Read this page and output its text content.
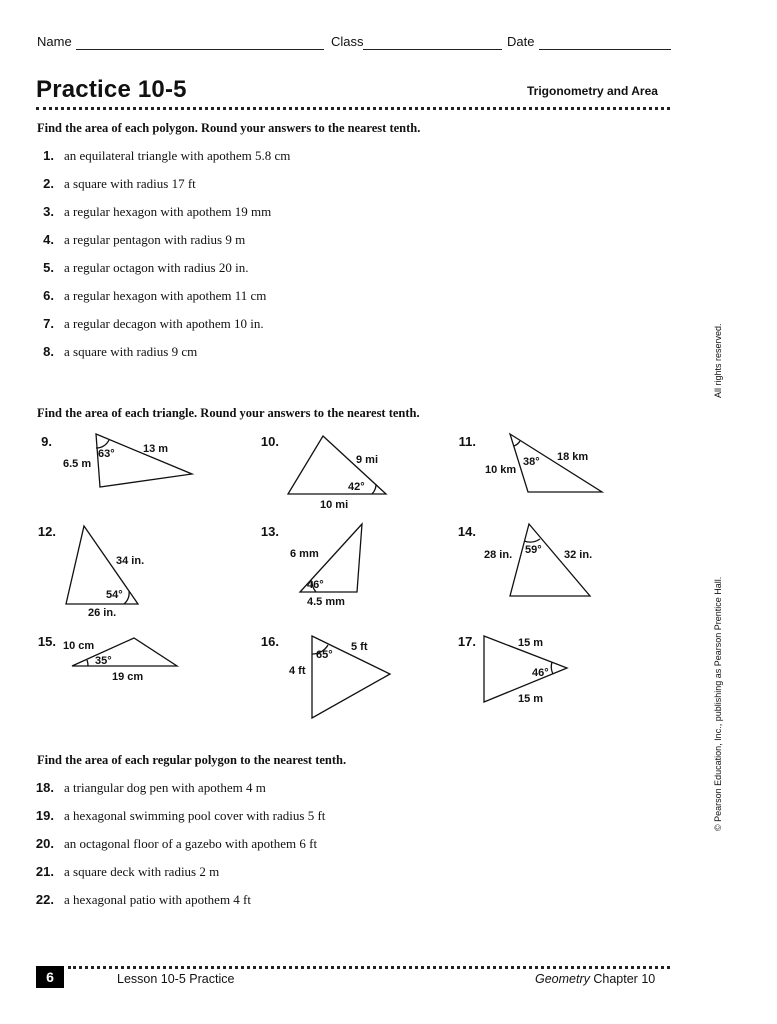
Name	Class	Date
Practice 10-5	Trigonometry and Area
Find the area of each polygon. Round your answers to the nearest tenth.
1. an equilateral triangle with apothem 5.8 cm
2. a square with radius 17 ft
3. a regular hexagon with apothem 19 mm
4. a regular pentagon with radius 9 m
5. a regular octagon with radius 20 in.
6. a regular hexagon with apothem 11 cm
7. a regular decagon with apothem 10 in.
8. a square with radius 9 cm
Find the area of each triangle. Round your answers to the nearest tenth.
9.	10.	11.
12.	13.	14.
15.	16.	17.
6.5 m
63°	13 m
9 mi
42°
10 mi
10 km
38° 18 km
34 in.
54°
26 in.
6 mm
46°
4.5 mm
28 in. 59° 32 in.
10 cm
35°
19 cm
65°
5 ft
4 ft
15 m
46°
15 m
Find the area of each regular polygon to the nearest tenth.
18. a triangular dog pen with apothem 4 m
19. a hexagonal swimming pool cover with radius 5 ft
20. an octagonal floor of a gazebo with apothem 6 ft
21. a square deck with radius 2 m
22. a hexagonal patio with apothem 4 ft
All rights reserved.
© Pearson Education, Inc., publishing as Pearson Prentice Hall.
6	Lesson 10-5 Practice	Geometry Chapter 10
